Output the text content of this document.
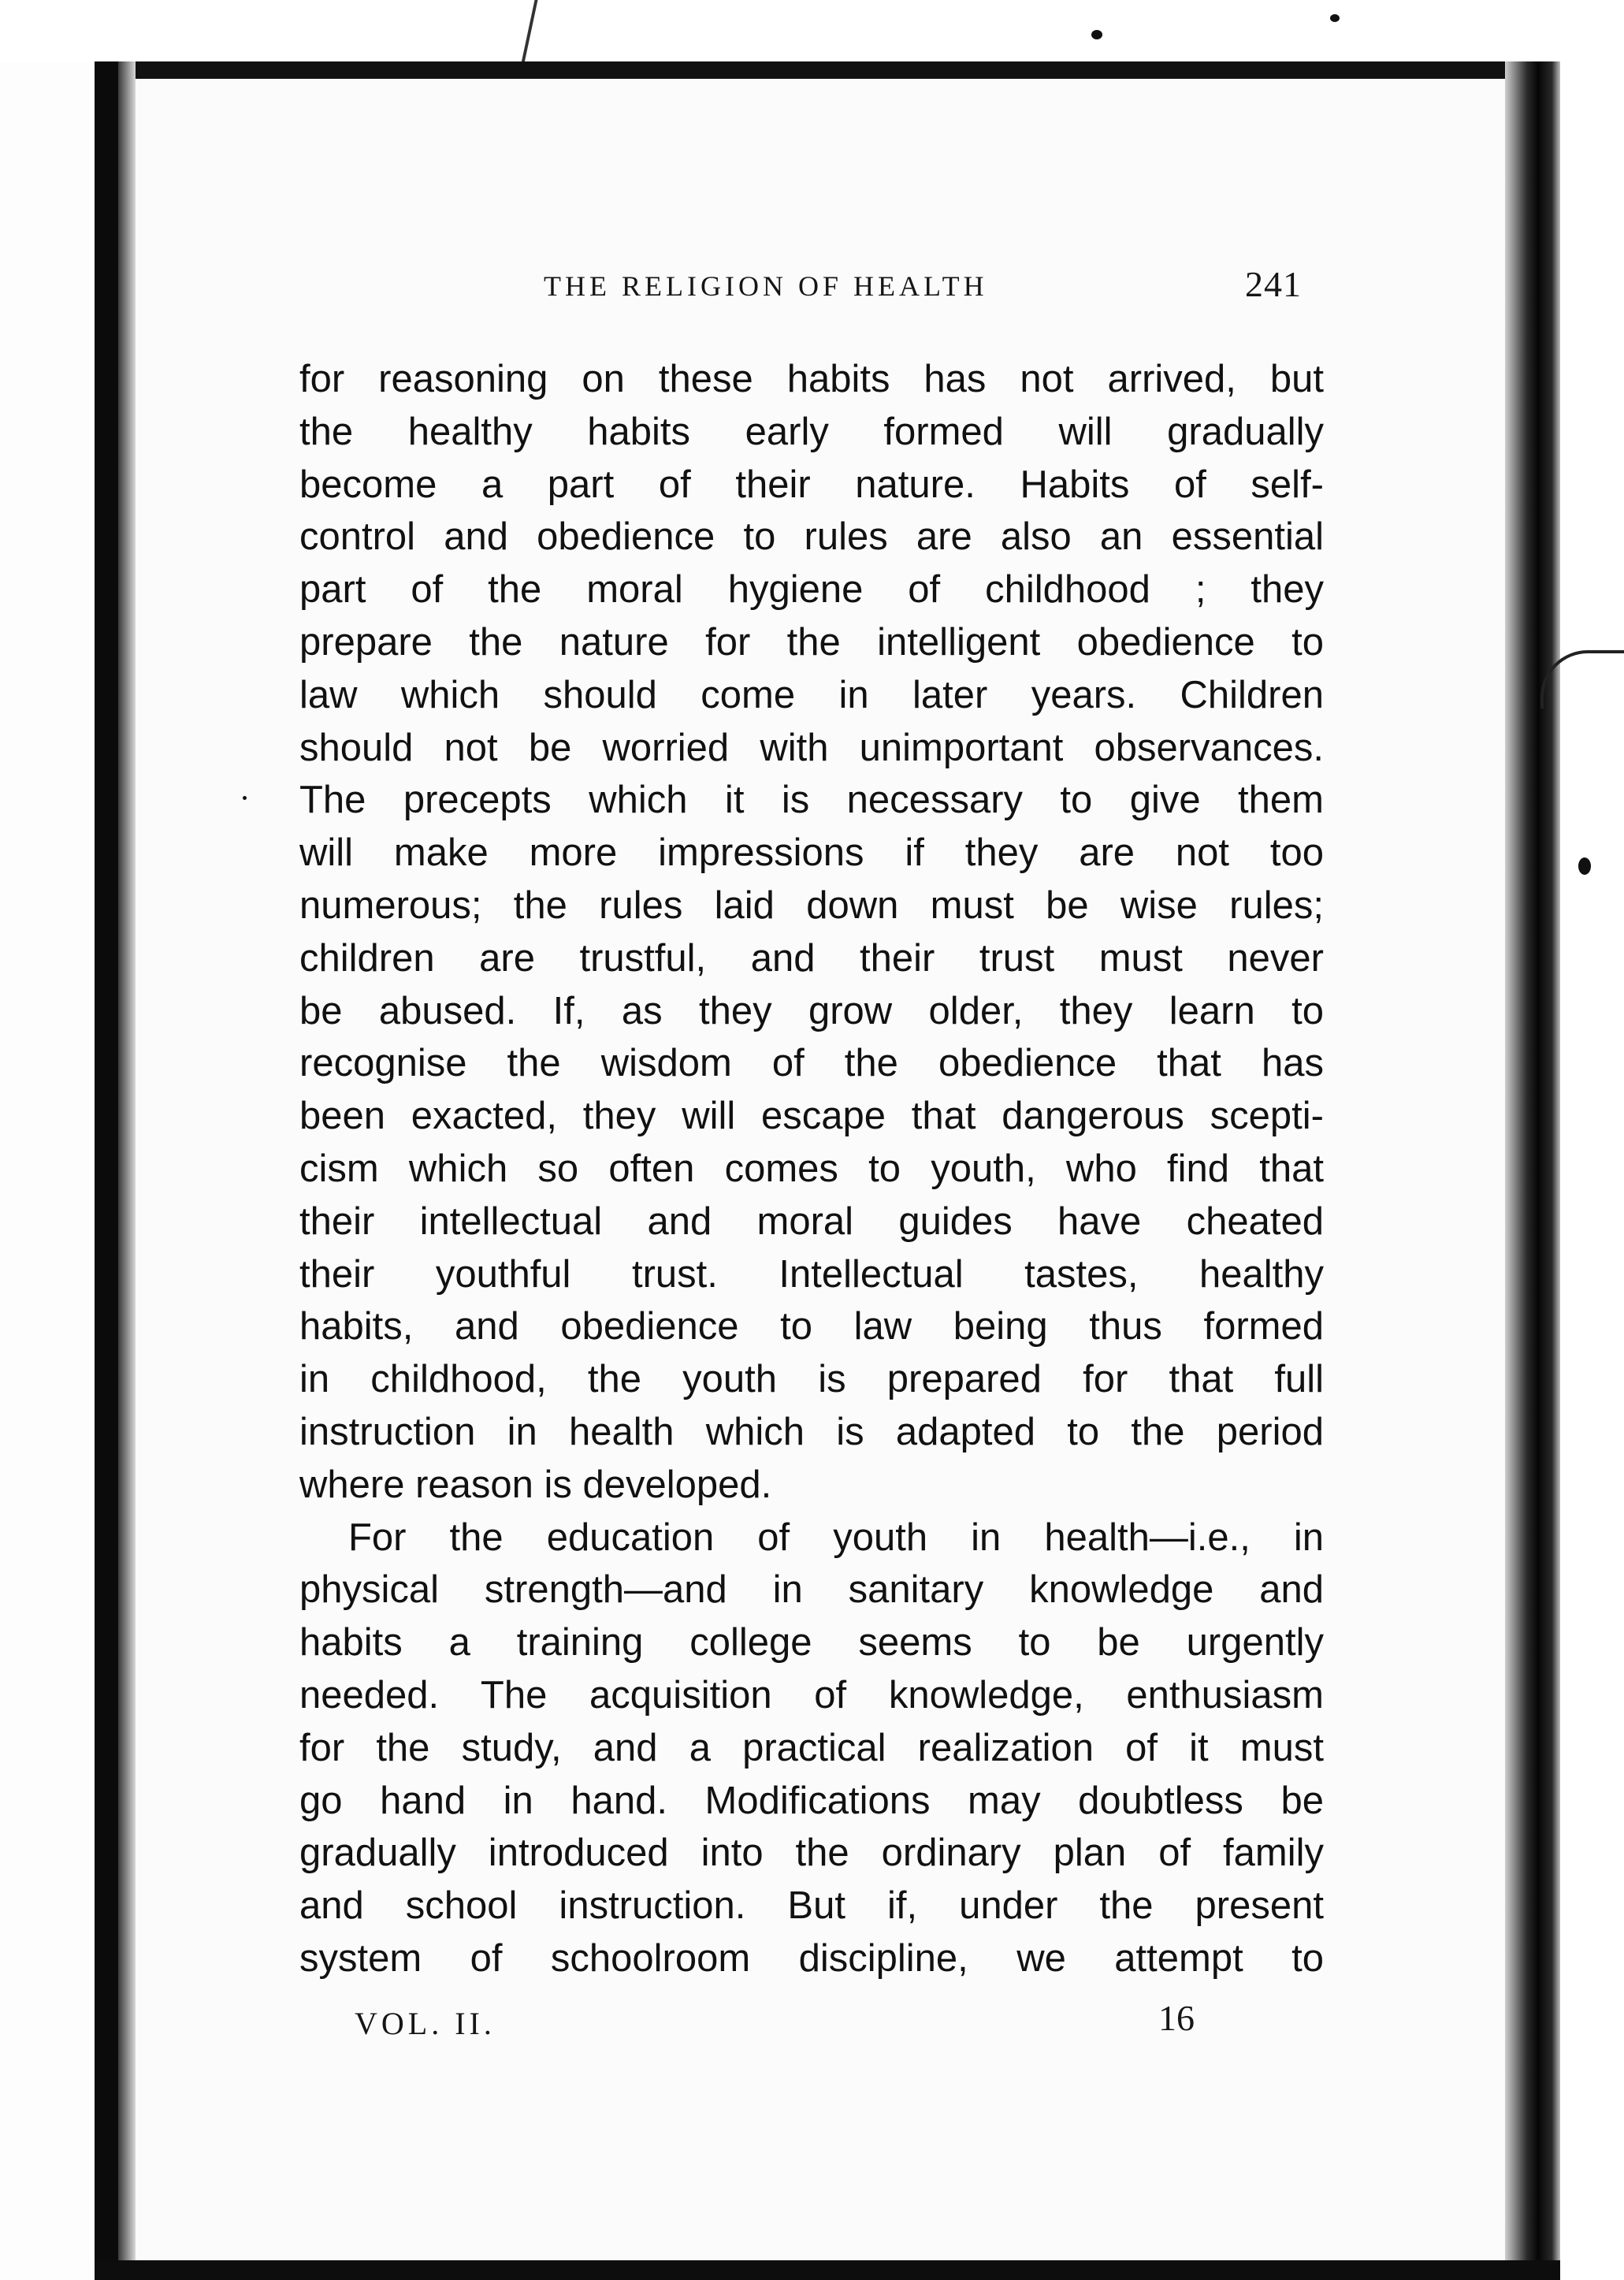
THE RELIGION OF HEALTH	241
for reasoning on these habits has not arrived, but
the healthy habits early formed will gradually
become a part of their nature. Habits of self-
control and obedience to rules are also an essential
part of the moral hygiene of childhood ; they
prepare the nature for the intelligent obedience to
law which should come in later years. Children
should not be worried with unimportant observances.
The precepts which it is necessary to give them
will make more impressions if they are not too
numerous; the rules laid down must be wise rules;
children are trustful, and their trust must never
be abused. If, as they grow older, they learn to
recognise the wisdom of the obedience that has
been exacted, they will escape that dangerous scepti-
cism which so often comes to youth, who find that
their intellectual and moral guides have cheated
their youthful trust. Intellectual tastes, healthy
habits, and obedience to law being thus formed
in childhood, the youth is prepared for that full
instruction in health which is adapted to the period
where reason is developed.
For the education of youth in health—i.e., in
physical strength—and in sanitary knowledge and
habits a training college seems to be urgently
needed. The acquisition of knowledge, enthusiasm
for the study, and a practical realization of it must
go hand in hand. Modifications may doubtless be
gradually introduced into the ordinary plan of family
and school instruction. But if, under the present
system of schoolroom discipline, we attempt to
VOL. II.	16
